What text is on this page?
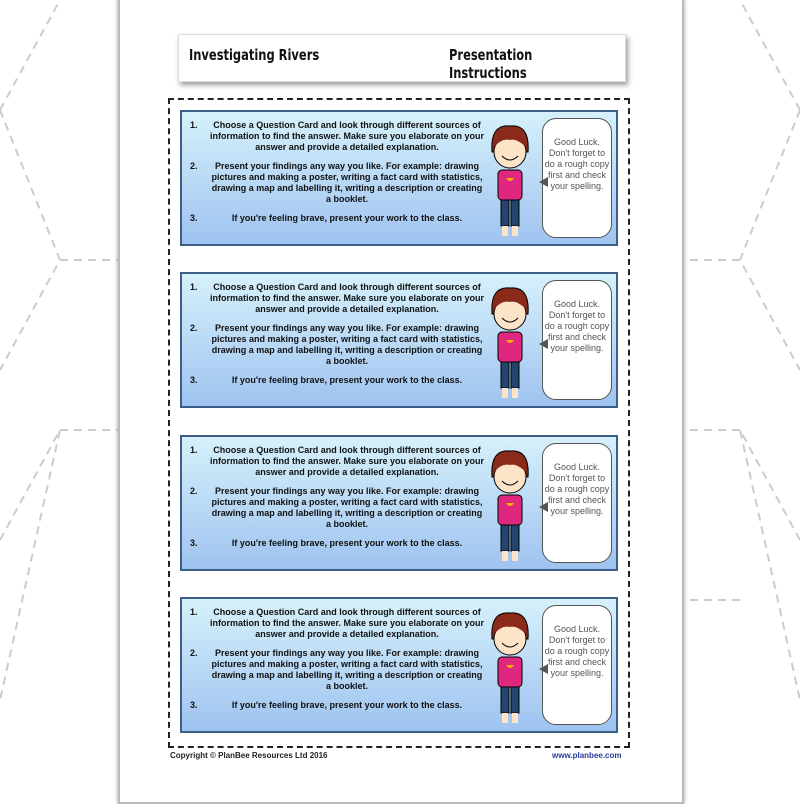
Investigating Rivers	Presentation Instructions
1.	Choose a Question Card and look through different sources of information to find the answer. Make sure you elaborate on your answer and provide a detailed explanation.
2.	Present your findings any way you like. For example: drawing pictures and making a poster, writing a fact card with statistics, drawing a map and labelling it, writing a description or creating a booklet.
3.	If you're feeling brave, present your work to the class.
Good Luck. Don't forget to do a rough copy first and check your spelling.
1.	Choose a Question Card and look through different sources of information to find the answer. Make sure you elaborate on your answer and provide a detailed explanation.
2.	Present your findings any way you like. For example: drawing pictures and making a poster, writing a fact card with statistics, drawing a map and labelling it, writing a description or creating a booklet.
3.	If you're feeling brave, present your work to the class.
Good Luck. Don't forget to do a rough copy first and check your spelling.
1.	Choose a Question Card and look through different sources of information to find the answer. Make sure you elaborate on your answer and provide a detailed explanation.
2.	Present your findings any way you like. For example: drawing pictures and making a poster, writing a fact card with statistics, drawing a map and labelling it, writing a description or creating a booklet.
3.	If you're feeling brave, present your work to the class.
Good Luck. Don't forget to do a rough copy first and check your spelling.
1.	Choose a Question Card and look through different sources of information to find the answer. Make sure you elaborate on your answer and provide a detailed explanation.
2.	Present your findings any way you like. For example: drawing pictures and making a poster, writing a fact card with statistics, drawing a map and labelling it, writing a description or creating a booklet.
3.	If you're feeling brave, present your work to the class.
Good Luck. Don't forget to do a rough copy first and check your spelling.
Copyright © PlanBee Resources Ltd 2016	www.planbee.com
